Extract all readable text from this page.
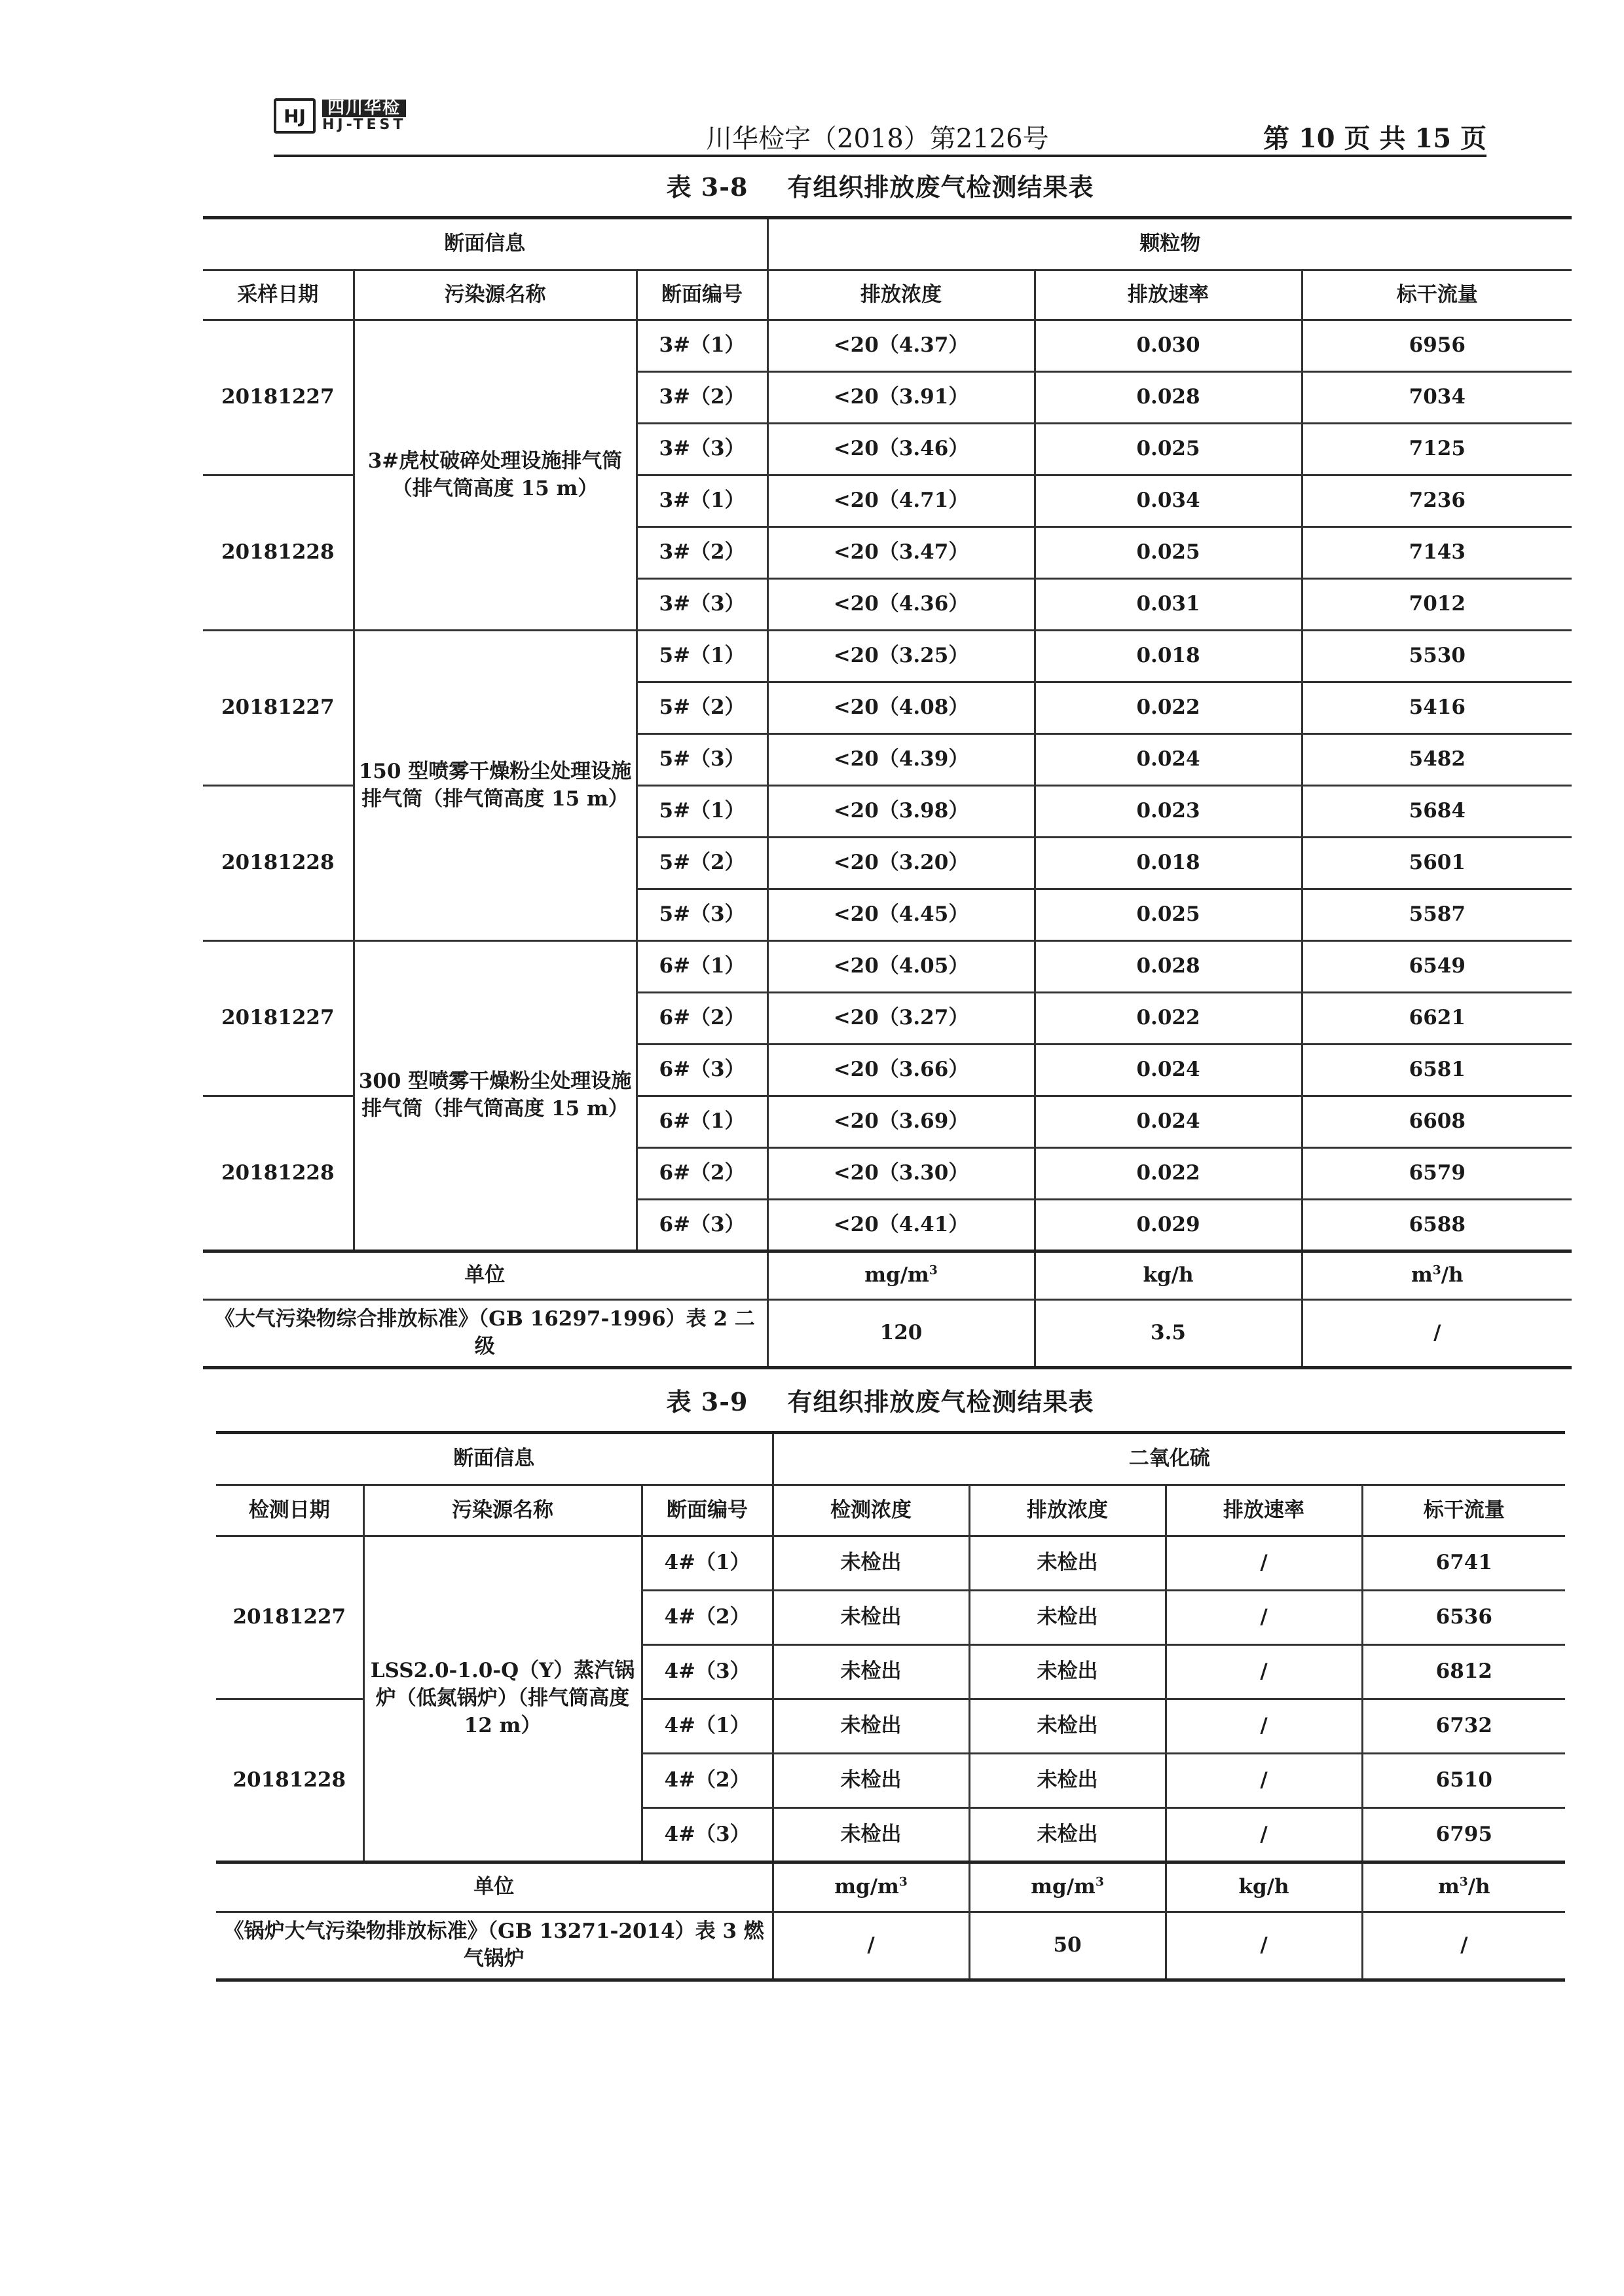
HJ	四川华检
HJ-TEST	川华检字（2018）第2126号	第 10 页 共 15 页
表 3-8 有组织排放废气检测结果表
断面信息			颗粒物		
采样日期	污染源名称	断面编号	排放浓度	排放速率	标干流量
20181227	3#虎杖破碎处理设施排气筒（排气筒高度 15 m）	3#（1）	<20（4.37）	0.030	6956
		3#（2）	<20（3.91）	0.028	7034
		3#（3）	<20（3.46）	0.025	7125
20181228		3#（1）	<20（4.71）	0.034	7236
		3#（2）	<20（3.47）	0.025	7143
		3#（3）	<20（4.36）	0.031	7012
20181227	150 型喷雾干燥粉尘处理设施排气筒（排气筒高度 15 m）	5#（1）	<20（3.25）	0.018	5530
		5#（2）	<20（4.08）	0.022	5416
		5#（3）	<20（4.39）	0.024	5482
20181228		5#（1）	<20（3.98）	0.023	5684
		5#（2）	<20（3.20）	0.018	5601
		5#（3）	<20（4.45）	0.025	5587
20181227	300 型喷雾干燥粉尘处理设施排气筒（排气筒高度 15 m）	6#（1）	<20（4.05）	0.028	6549
		6#（2）	<20（3.27）	0.022	6621
		6#（3）	<20（3.66）	0.024	6581
20181228		6#（1）	<20（3.69）	0.024	6608
		6#（2）	<20（3.30）	0.022	6579
		6#（3）	<20（4.41）	0.029	6588
单位			$mg/m^3$	kg/h	$m^3/h$
《大气污染物综合排放标准》（GB 16297-1996）表 2 二级			120	3.5	/
表 3-9 有组织排放废气检测结果表
断面信息			二氧化硫			
检测日期	污染源名称	断面编号	检测浓度	排放浓度	排放速率	标干流量
20181227	LSS2.0-1.0-Q（Y）蒸汽锅炉（低氮锅炉）（排气筒高度 12 m）	4#（1）	未检出	未检出	/	6741
		4#（2）	未检出	未检出	/	6536
		4#（3）	未检出	未检出	/	6812
20181228		4#（1）	未检出	未检出	/	6732
		4#（2）	未检出	未检出	/	6510
		4#（3）	未检出	未检出	/	6795
单位			$mg/m^3$	$mg/m^3$	kg/h	$m^3/h$
《锅炉大气污染物排放标准》（GB 13271-2014）表 3 燃气锅炉			/	50	/	/
